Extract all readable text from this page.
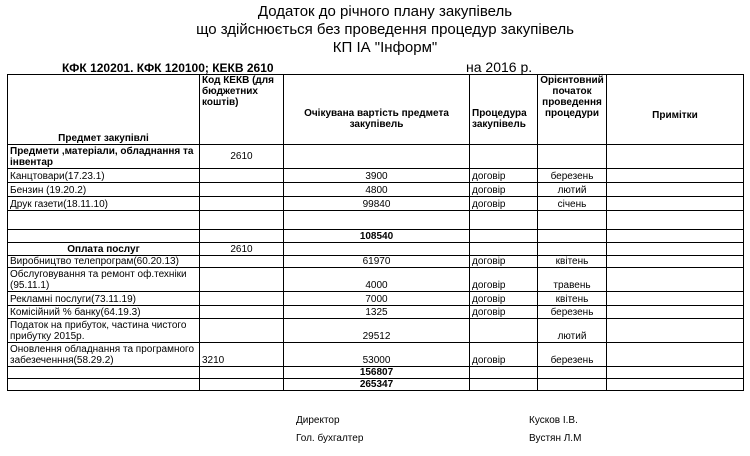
Додаток до річного плану закупівель
що здійснюється без проведення процедур закупівель
КП ІА "Інформ"
КФК 120201. КФК 120100; КЕКВ 2610	на 2016 р.
Предмет закупівлі	Код КЕКВ (для бюджетних коштів)	Очікувана вартість предмета закупівель	Процедура закупівель	Орієнтовний початок проведення процедури	Примітки
Предмети ,матеріали, обладнання та інвентар	2610				
Канцтовари(17.23.1)		3900	договір	березень	
Бензин (19.20.2)		4800	договір	лютий	
Друк газети(18.11.10)		99840	договір	січень	

		108540			
Оплата послуг	2610				
Виробництво телепрограм(60.20.13)		61970	договір	квітень	
Обслуговування та ремонт оф.техніки (95.11.1)		4000	договір	травень	
Рекламні послуги(73.11.19)		7000	договір	квітень	
Комісійний % банку(64.19.3)		1325	договір	березень	
Податок на прибуток, частина чистого прибутку 2015р.		29512		лютий	
Оновлення обладнання та програмного забезеченння(58.29.2)	3210	53000	договір	березень	
		156807			
		265347			
Директор	Кусков І.В.
Гол. бухгалтер	Вустян Л.М
